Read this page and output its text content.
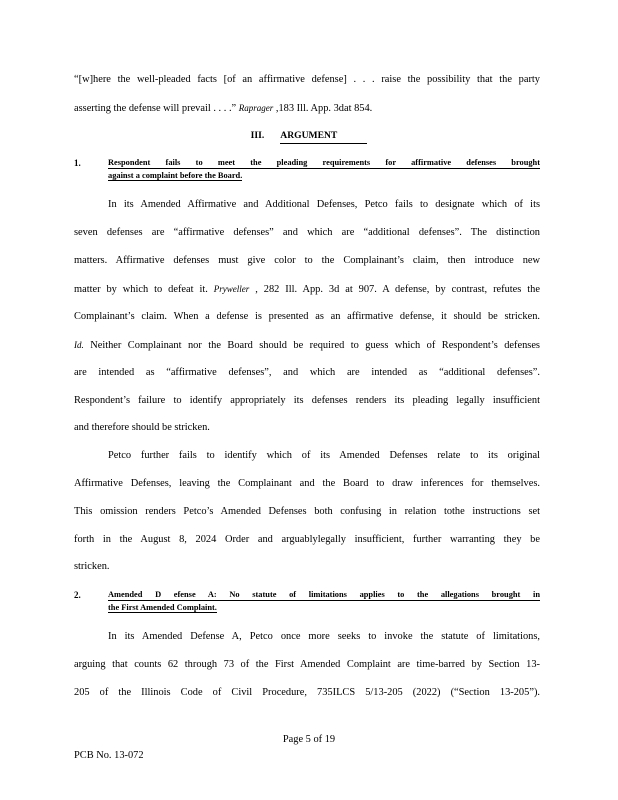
“[w]here the well-pleaded facts [of an affirmative defense] . . . raise the possibility that the party
asserting the defense will prevail . . . .” Raprager ,183 Ill. App. 3dat 854.
III. ARGUMENT
1.	Respondent fails to meet the pleading requirements for affirmative defenses brought
against a complaint before the Board.
In its Amended Affirmative and Additional Defenses, Petco fails to designate which of its
seven defenses are “affirmative defenses” and which are “additional defenses”. The distinction
matters. Affirmative defenses must give color to the Complainant’s claim, then introduce new
matter by which to defeat it. Pryweller , 282 Ill. App. 3d at 907. A defense, by contrast, refutes the
Complainant’s claim. When a defense is presented as an affirmative defense, it should be stricken.
Id. Neither Complainant nor the Board should be required to guess which of Respondent’s defenses
are intended as “affirmative defenses”, and which are intended as “additional defenses”.
Respondent’s failure to identify appropriately its defenses renders its pleading legally insufficient
and therefore should be stricken.
Petco further fails to identify which of its Amended Defenses relate to its original
Affirmative Defenses, leaving the Complainant and the Board to draw inferences for themselves.
This omission renders Petco’s Amended Defenses both confusing in relation tothe instructions set
forth in the August 8, 2024 Order and arguablylegally insufficient, further warranting they be
stricken.
2.	Amended D efense A: No statute of limitations applies to the allegations brought in
the First Amended Complaint.
In its Amended Defense A, Petco once more seeks to invoke the statute of limitations,
arguing that counts 62 through 73 of the First Amended Complaint are time-barred by Section 13-
205 of the Illinois Code of Civil Procedure, 735ILCS 5/13-205 (2022) (“Section 13-205”).
Page 5 of 19
PCB No. 13-072
